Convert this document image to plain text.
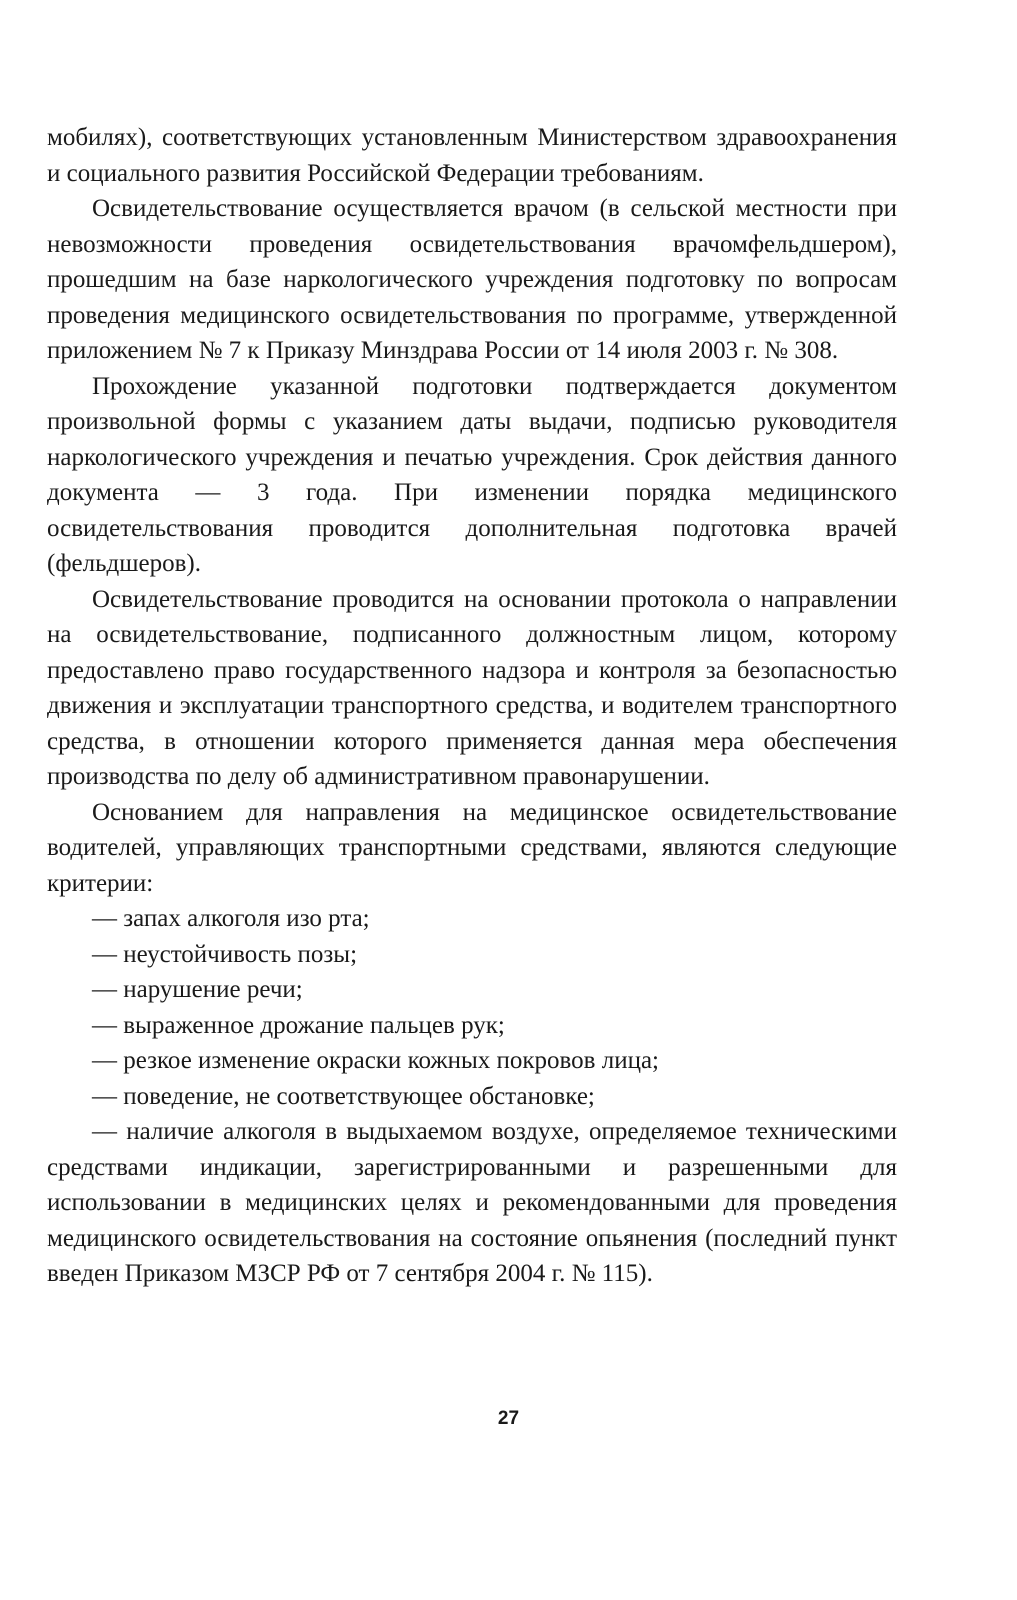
мобилях), соответствующих установленным Министерством здравоохранения и социального развития Российской Федерации требованиям.

Освидетельствование осуществляется врачом (в сельской местности при невозможности проведения освидетельствования врачомфельдшером), прошедшим на базе наркологического учреждения подготовку по вопросам проведения медицинского освидетельствования по программе, утвержденной приложением № 7 к Приказу Минздрава России от 14 июля 2003 г. № 308.

Прохождение указанной подготовки подтверждается документом произвольной формы с указанием даты выдачи, подписью руководителя наркологического учреждения и печатью учреждения. Срок действия данного документа — 3 года. При изменении порядка медицинского освидетельствования проводится дополнительная подготовка врачей (фельдшеров).

Освидетельствование проводится на основании протокола о направлении на освидетельствование, подписанного должностным лицом, которому предоставлено право государственного надзора и контроля за безопасностью движения и эксплуатации транспортного средства, и водителем транспортного средства, в отношении которого применяется данная мера обеспечения производства по делу об административном правонарушении.

Основанием для направления на медицинское освидетельствование водителей, управляющих транспортными средствами, являются следующие критерии:

— запах алкоголя изо рта;

— неустойчивость позы;

— нарушение речи;

— выраженное дрожание пальцев рук;

— резкое изменение окраски кожных покровов лица;

— поведение, не соответствующее обстановке;

— наличие алкоголя в выдыхаемом воздухе, определяемое техническими средствами индикации, зарегистрированными и разрешенными для использовании в медицинских целях и рекомендованными для проведения медицинского освидетельствования на состояние опьянения (последний пункт введен Приказом МЗСР РФ от 7 сентября 2004 г. № 115).

27
